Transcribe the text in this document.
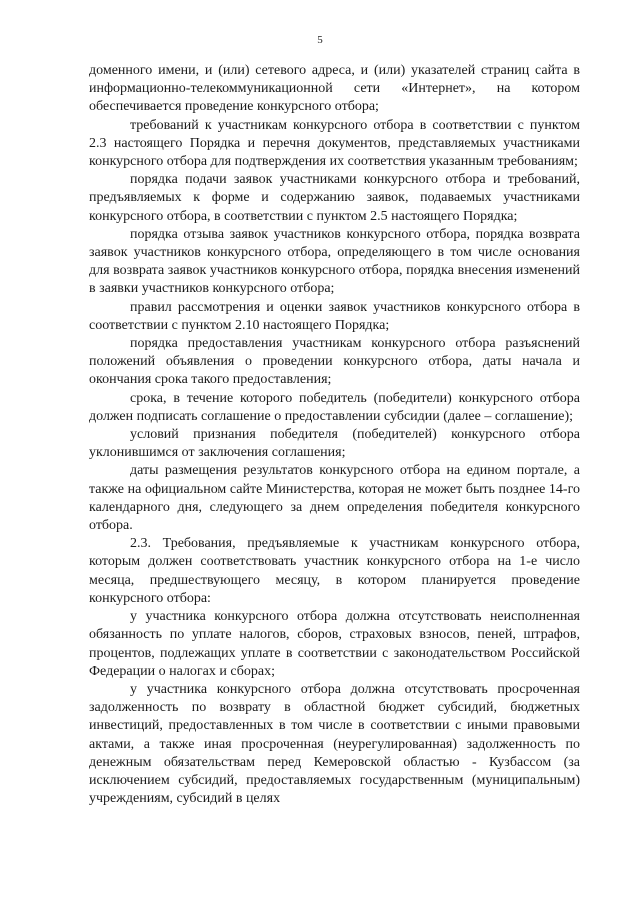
5

доменного имени, и (или) сетевого адреса, и (или) указателей страниц сайта в информационно-телекоммуникационной сети «Интернет», на котором обеспечивается проведение конкурсного отбора;

требований к участникам конкурсного отбора в соответствии с пунктом 2.3 настоящего Порядка и перечня документов, представляемых участниками конкурсного отбора для подтверждения их соответствия указанным требованиям;

порядка подачи заявок участниками конкурсного отбора и требований, предъявляемых к форме и содержанию заявок, подаваемых участниками конкурсного отбора, в соответствии с пунктом 2.5 настоящего Порядка;

порядка отзыва заявок участников конкурсного отбора, порядка возврата заявок участников конкурсного отбора, определяющего в том числе основания для возврата заявок участников конкурсного отбора, порядка внесения изменений в заявки участников конкурсного отбора;

правил рассмотрения и оценки заявок участников конкурсного отбора в соответствии с пунктом 2.10 настоящего Порядка;

порядка предоставления участникам конкурсного отбора разъяснений положений объявления о проведении конкурсного отбора, даты начала и окончания срока такого предоставления;

срока, в течение которого победитель (победители) конкурсного отбора должен подписать соглашение о предоставлении субсидии (далее – соглашение);

условий признания победителя (победителей) конкурсного отбора уклонившимся от заключения соглашения;

даты размещения результатов конкурсного отбора на едином портале, а также на официальном сайте Министерства, которая не может быть позднее 14-го календарного дня, следующего за днем определения победителя конкурсного отбора.

2.3. Требования, предъявляемые к участникам конкурсного отбора, которым должен соответствовать участник конкурсного отбора на 1-е число месяца, предшествующего месяцу, в котором планируется проведение конкурсного отбора:

у участника конкурсного отбора должна отсутствовать неисполненная обязанность по уплате налогов, сборов, страховых взносов, пеней, штрафов, процентов, подлежащих уплате в соответствии с законодательством Российской Федерации о налогах и сборах;

у участника конкурсного отбора должна отсутствовать просроченная задолженность по возврату в областной бюджет субсидий, бюджетных инвестиций, предоставленных в том числе в соответствии с иными правовыми актами, а также иная просроченная (неурегулированная) задолженность по денежным обязательствам перед Кемеровской областью - Кузбассом (за исключением субсидий, предоставляемых государственным (муниципальным) учреждениям, субсидий в целях
